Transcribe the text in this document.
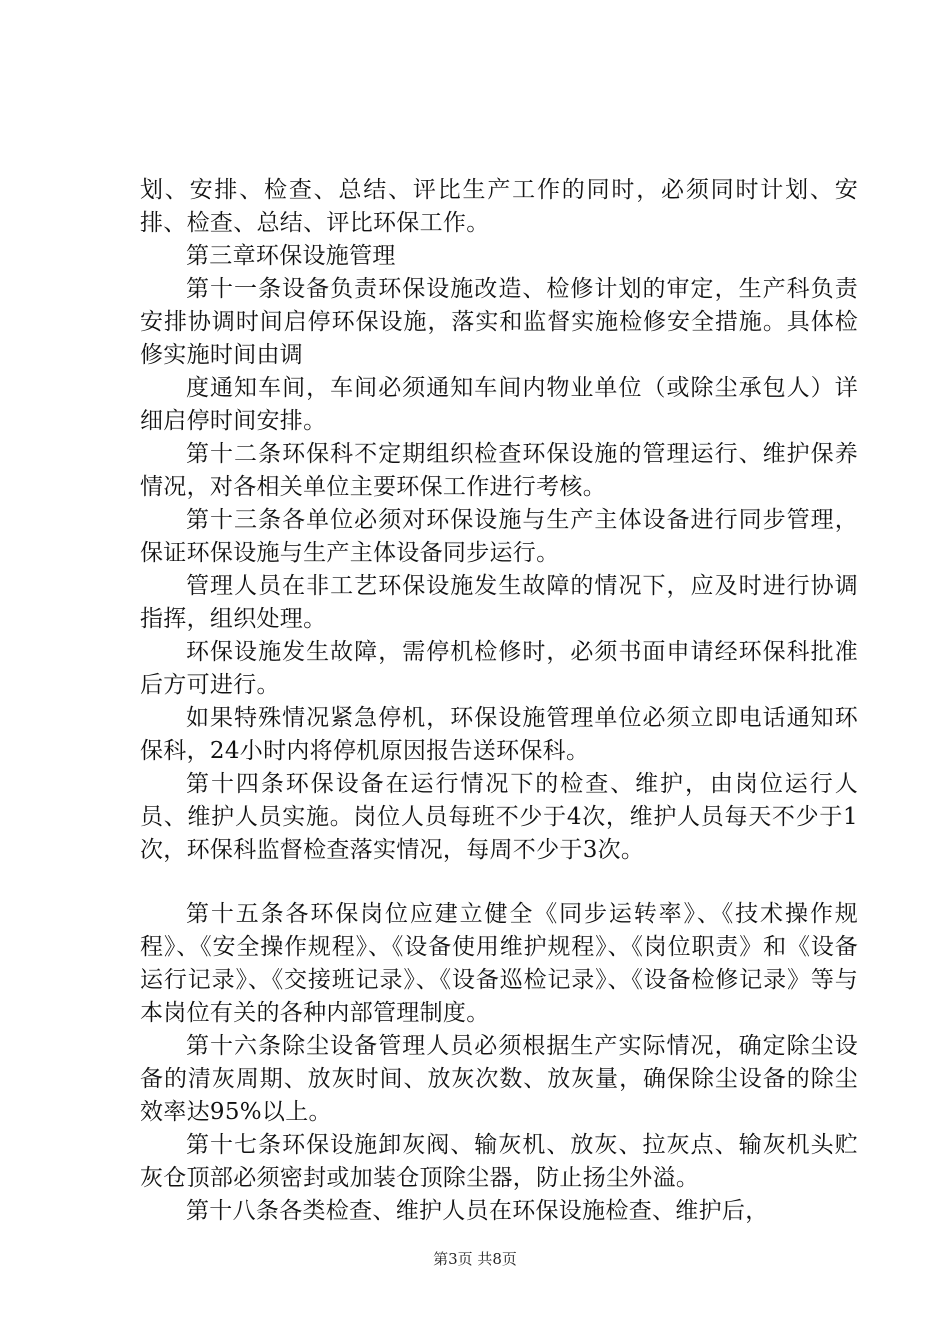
划、安排、检查、总结、评比生产工作的同时，必须同时计划、安排、检查、总结、评比环保工作。

第三章环保设施管理

第十一条设备负责环保设施改造、检修计划的审定，生产科负责安排协调时间启停环保设施，落实和监督实施检修安全措施。具体检修实施时间由调

度通知车间，车间必须通知车间内物业单位（或除尘承包人）详细启停时间安排。

第十二条环保科不定期组织检查环保设施的管理运行、维护保养情况，对各相关单位主要环保工作进行考核。

第十三条各单位必须对环保设施与生产主体设备进行同步管理，保证环保设施与生产主体设备同步运行。

管理人员在非工艺环保设施发生故障的情况下，应及时进行协调指挥，组织处理。

环保设施发生故障，需停机检修时，必须书面申请经环保科批准后方可进行。

如果特殊情况紧急停机，环保设施管理单位必须立即电话通知环保科，24小时内将停机原因报告送环保科。

第十四条环保设备在运行情况下的检查、维护，由岗位运行人员、维护人员实施。岗位人员每班不少于4次，维护人员每天不少于1次，环保科监督检查落实情况，每周不少于3次。

第十五条各环保岗位应建立健全《同步运转率》、《技术操作规程》、《安全操作规程》、《设备使用维护规程》、《岗位职责》和《设备运行记录》、《交接班记录》、《设备巡检记录》、《设备检修记录》等与本岗位有关的各种内部管理制度。

第十六条除尘设备管理人员必须根据生产实际情况，确定除尘设备的清灰周期、放灰时间、放灰次数、放灰量，确保除尘设备的除尘效率达95%以上。

第十七条环保设施卸灰阀、输灰机、放灰、拉灰点、输灰机头贮灰仓顶部必须密封或加装仓顶除尘器，防止扬尘外溢。

第十八条各类检查、维护人员在环保设施检查、维护后，

第3页 共8页
